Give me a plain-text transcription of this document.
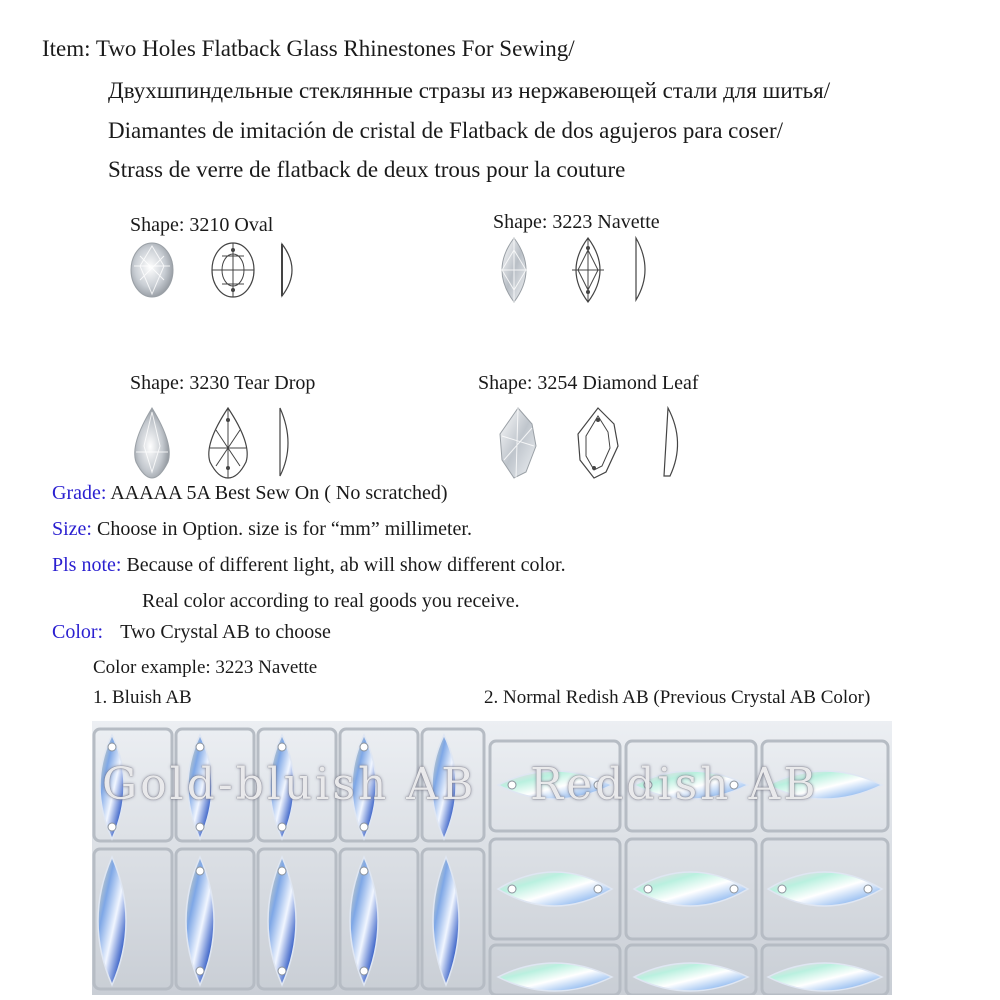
Item: Two Holes Flatback Glass Rhinestones For Sewing/
Двухшпиндельные стеклянные стразы из нержавеющей стали для шитья/
Diamantes de imitación de cristal de Flatback de dos agujeros para coser/
Strass de verre de flatback de deux trous pour la couture
Shape: 3210 Oval	Shape: 3223 Navette
Shape: 3230 Tear Drop	Shape: 3254 Diamond Leaf
Grade: AAAAA 5A Best Sew On ( No scratched)
Size: Choose in Option. size is for “mm” millimeter.
Pls note: Because of different light, ab will show different color.
Real color according to real goods you receive.
Color: Two Crystal AB to choose
Color example: 3223 Navette
1. Bluish AB	2. Normal Redish AB (Previous Crystal AB Color)
Gold-bluish AB Reddish AB
